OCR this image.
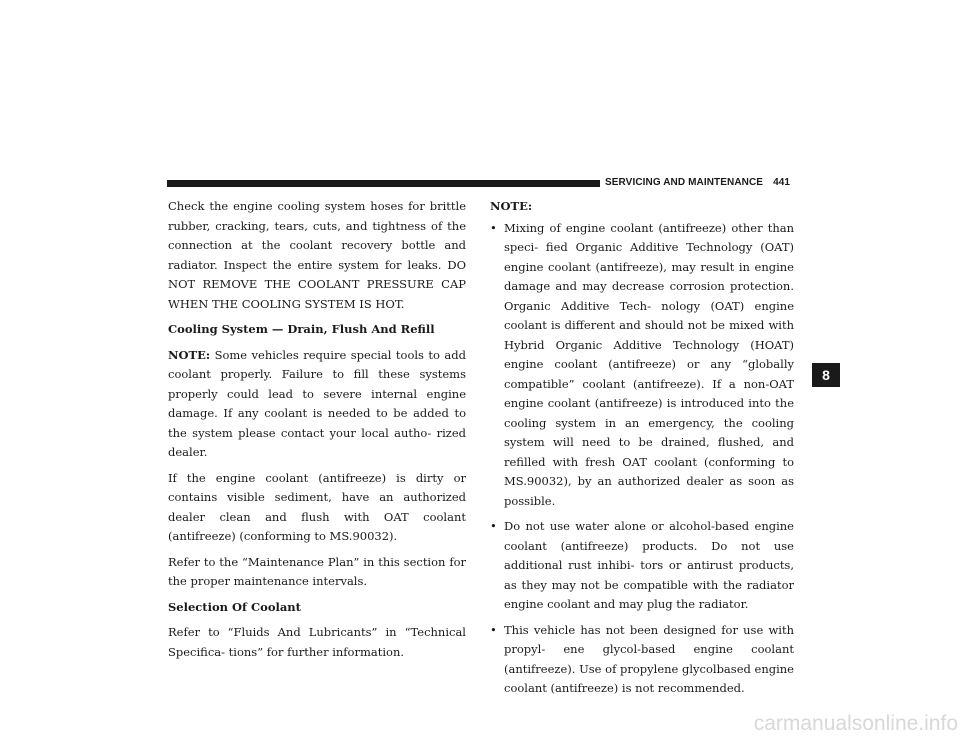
SERVICING AND MAINTENANCE 441

Check the engine cooling system hoses for brittle rubber, cracking, tears, cuts, and tightness of the connection at the coolant recovery bottle and radiator. Inspect the entire system for leaks. DO NOT REMOVE THE COOLANT PRESSURE CAP WHEN THE COOLING SYSTEM IS HOT.

Cooling System — Drain, Flush And Refill

NOTE: Some vehicles require special tools to add coolant properly. Failure to fill these systems properly could lead to severe internal engine damage. If any coolant is needed to be added to the system please contact your local autho- rized dealer.

If the engine coolant (antifreeze) is dirty or contains visible sediment, have an authorized dealer clean and flush with OAT coolant (antifreeze) (conforming to MS.90032).

Refer to the “Maintenance Plan” in this section for the proper maintenance intervals.

Selection Of Coolant

Refer to “Fluids And Lubricants” in “Technical Specifica- tions” for further information.

NOTE:

• Mixing of engine coolant (antifreeze) other than speci- fied Organic Additive Technology (OAT) engine coolant (antifreeze), may result in engine damage and may decrease corrosion protection. Organic Additive Tech- nology (OAT) engine coolant is different and should not be mixed with Hybrid Organic Additive Technology (HOAT) engine coolant (antifreeze) or any “globally compatible” coolant (antifreeze). If a non-OAT engine coolant (antifreeze) is introduced into the cooling system in an emergency, the cooling system will need to be drained, flushed, and refilled with fresh OAT coolant (conforming to MS.90032), by an authorized dealer as soon as possible.
• Do not use water alone or alcohol-based engine coolant (antifreeze) products. Do not use additional rust inhibi- tors or antirust products, as they may not be compatible with the radiator engine coolant and may plug the radiator.
• This vehicle has not been designed for use with propyl- ene glycol-based engine coolant (antifreeze). Use of propylene glycolbased engine coolant (antifreeze) is not recommended.
8
carmanualsonline.info
